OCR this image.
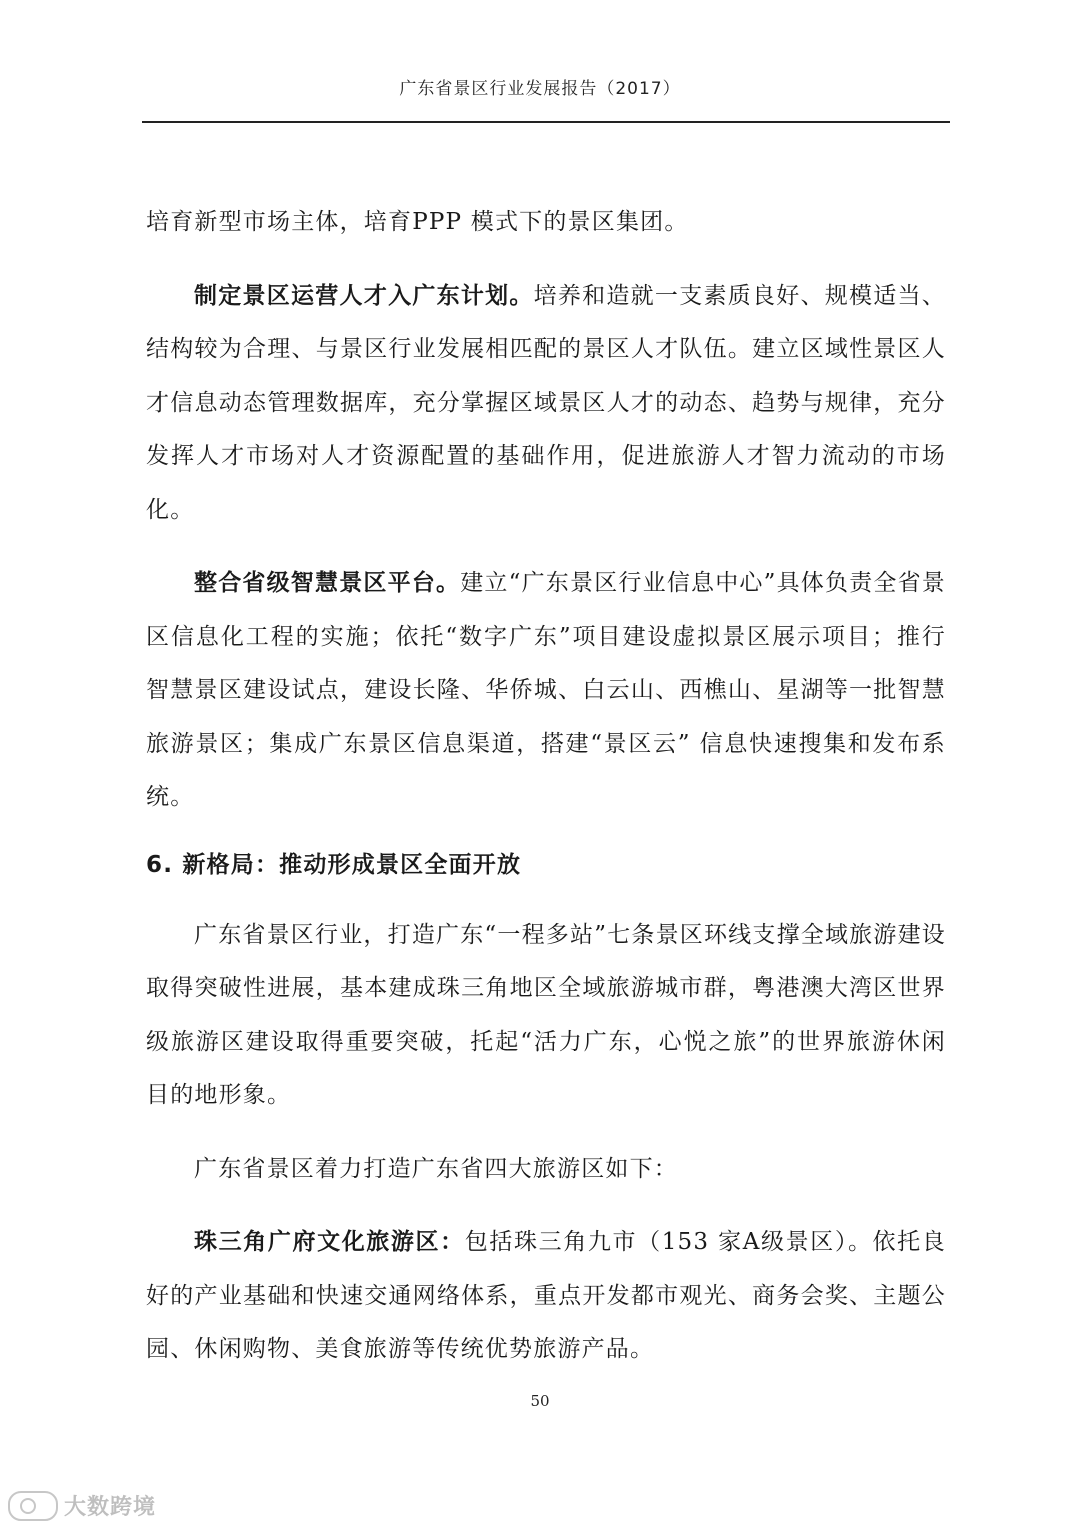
广东省景区行业发展报告（2017）

培育新型市场主体，培育PPP 模式下的景区集团。

制定景区运营人才入广东计划。培养和造就一支素质良好、规模适当、结构较为合理、与景区行业发展相匹配的景区人才队伍。建立区域性景区人才信息动态管理数据库，充分掌握区域景区人才的动态、趋势与规律，充分发挥人才市场对人才资源配置的基础作用，促进旅游人才智力流动的市场化。

整合省级智慧景区平台。建立“广东景区行业信息中心”具体负责全省景区信息化工程的实施；依托“数字广东”项目建设虚拟景区展示项目；推行智慧景区建设试点，建设长隆、华侨城、白云山、西樵山、星湖等一批智慧旅游景区；集成广东景区信息渠道，搭建“景区云” 信息快速搜集和发布系统。

6. 新格局：推动形成景区全面开放

广东省景区行业，打造广东“一程多站”七条景区环线支撑全域旅游建设取得突破性进展，基本建成珠三角地区全域旅游城市群，粤港澳大湾区世界级旅游区建设取得重要突破，托起“活力广东，心悦之旅”的世界旅游休闲目的地形象。

广东省景区着力打造广东省四大旅游区如下：

珠三角广府文化旅游区：包括珠三角九市（153 家A级景区）。依托良好的产业基础和快速交通网络体系，重点开发都市观光、商务会奖、主题公园、休闲购物、美食旅游等传统优势旅游产品。

50
大数跨境
